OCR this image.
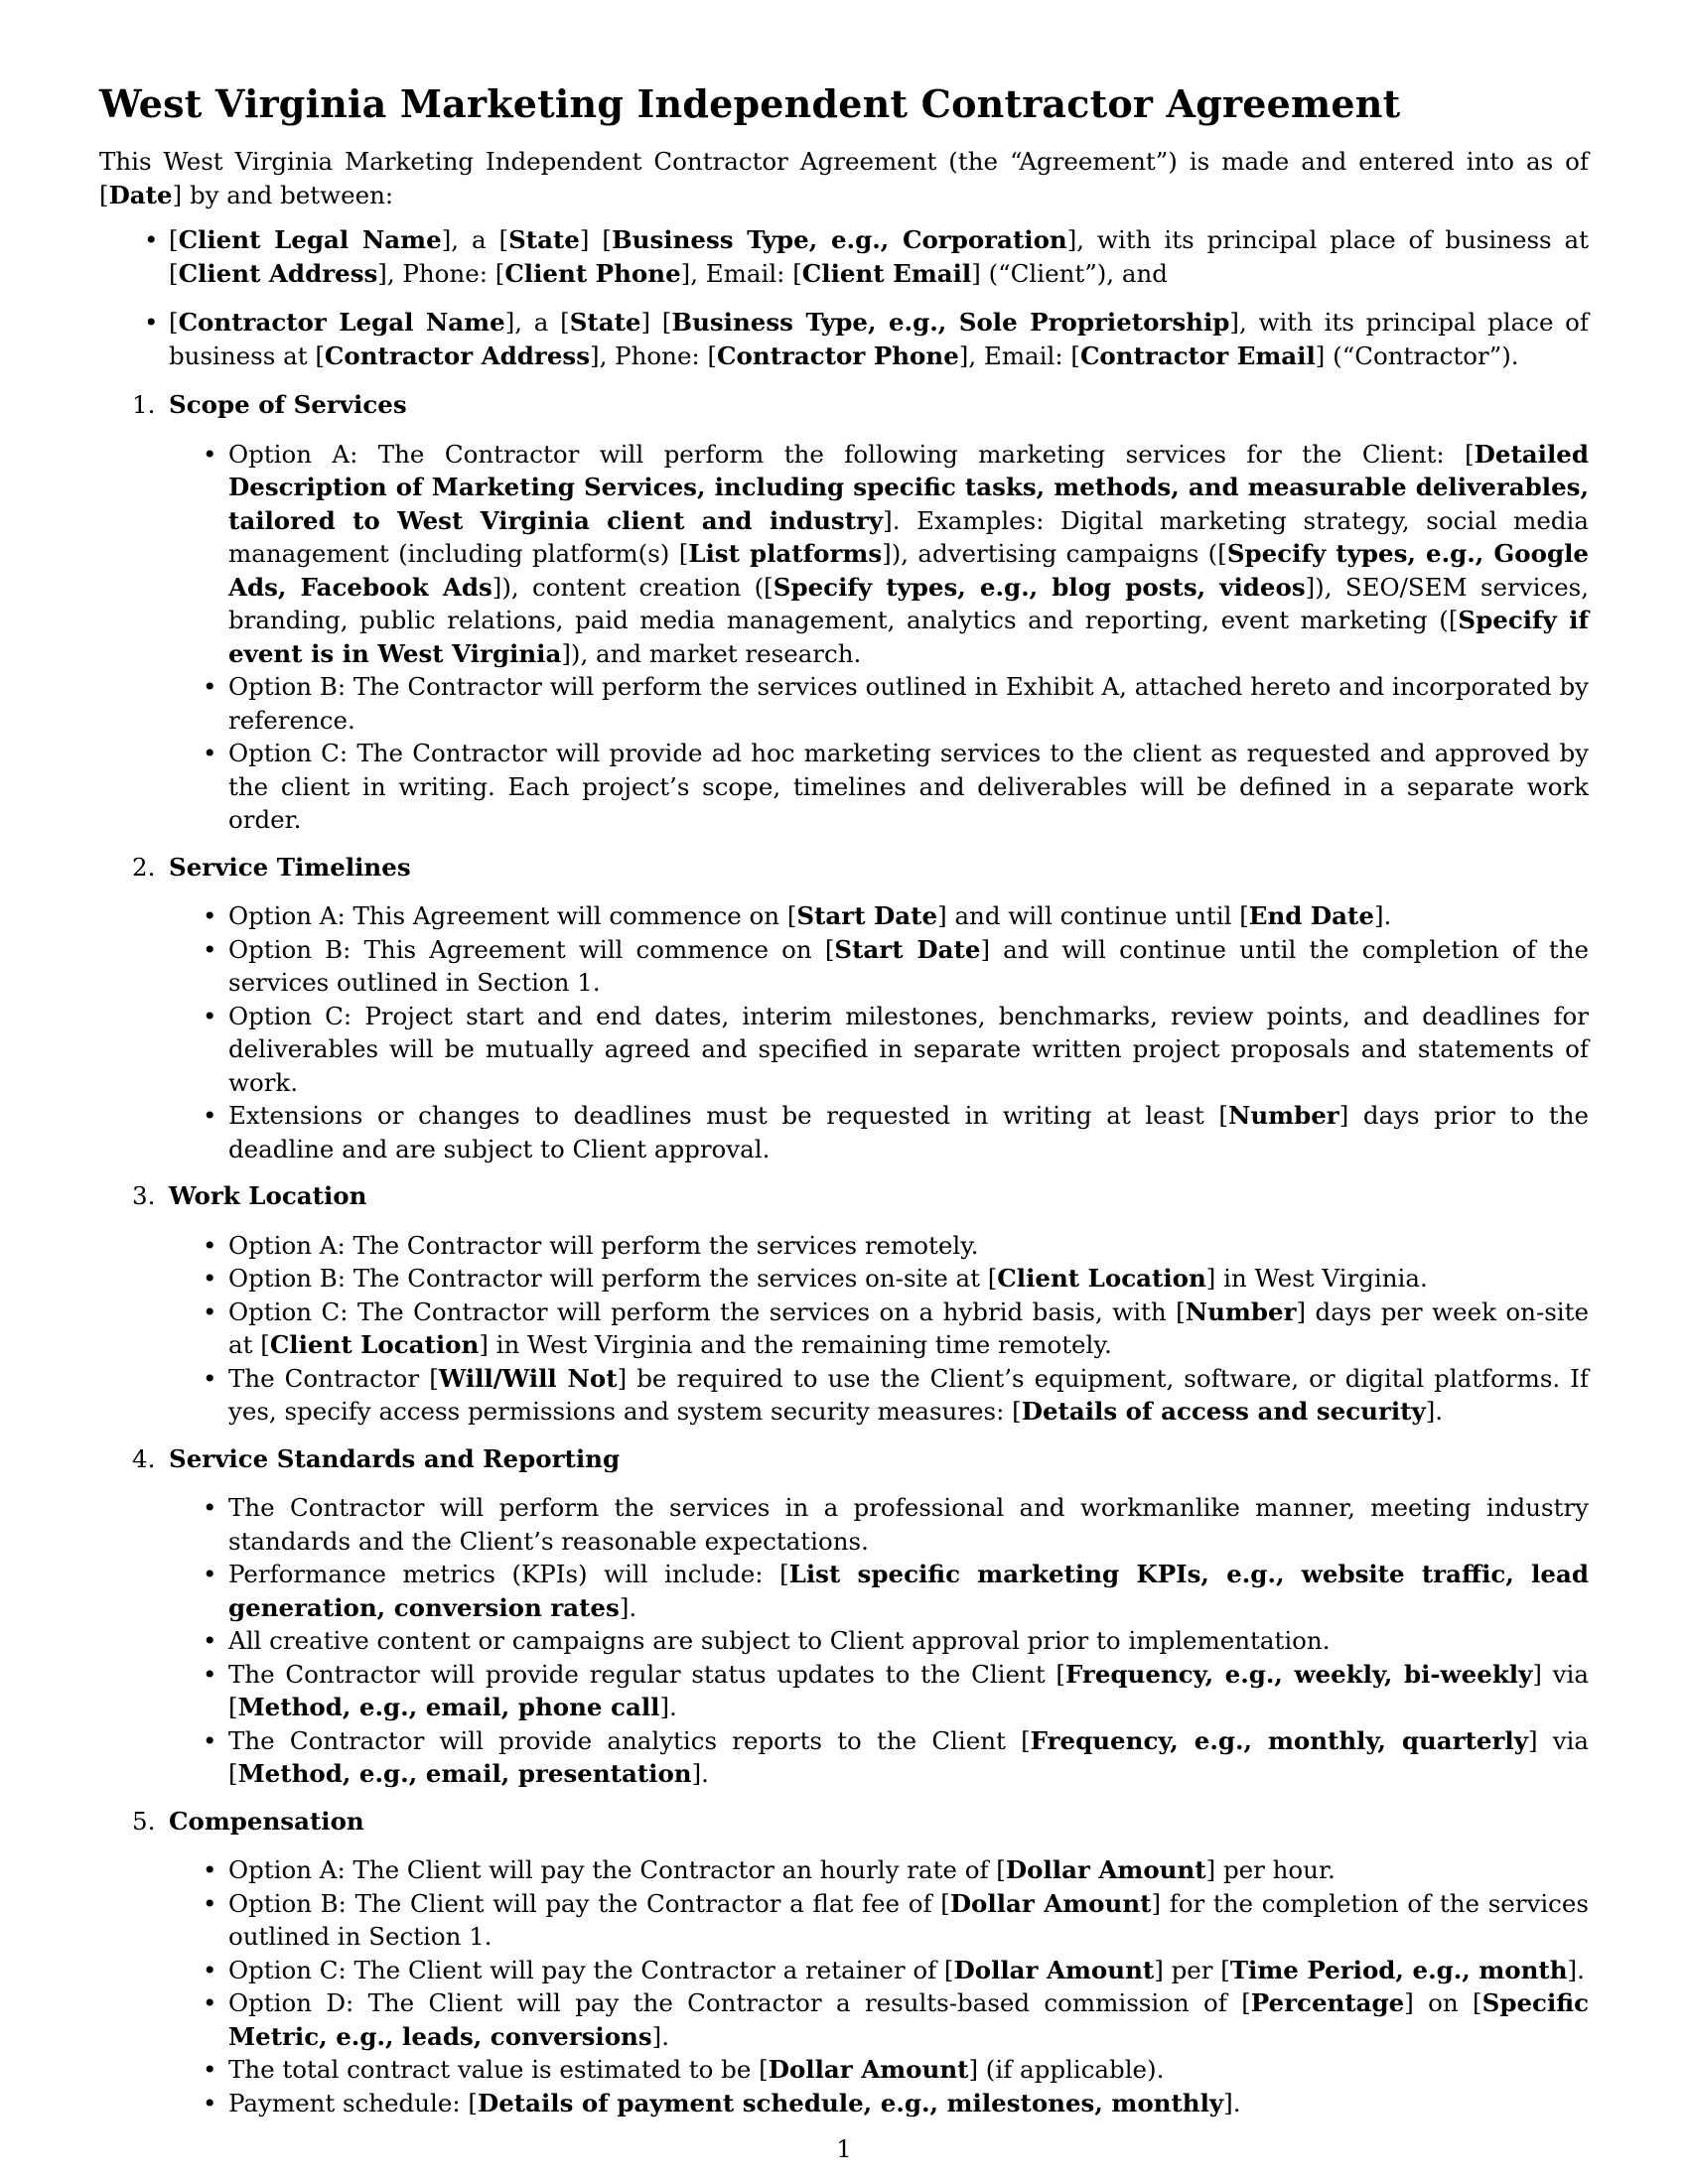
West Virginia Marketing Independent Contractor Agreement

This West Virginia Marketing Independent Contractor Agreement (the “Agreement”) is made and entered into as of [Date] by and between:

• [Client Legal Name], a [State] [Business Type, e.g., Corporation], with its principal place of business at [Client Address], Phone: [Client Phone], Email: [Client Email] (“Client”), and
• [Contractor Legal Name], a [State] [Business Type, e.g., Sole Proprietorship], with its principal place of business at [Contractor Address], Phone: [Contractor Phone], Email: [Contractor Email] (“Contractor”).
1. Scope of Services
• Option A: The Contractor will perform the following marketing services for the Client: [Detailed Description of Marketing Services, including specific tasks, methods, and measurable deliverables, tailored to West Virginia client and industry]. Examples: Digital marketing strategy, social media management (including platform(s) [List platforms]), advertising campaigns ([Specify types, e.g., Google Ads, Facebook Ads]), content creation ([Specify types, e.g., blog posts, videos]), SEO/SEM services, branding, public relations, paid media management, analytics and reporting, event marketing ([Specify if event is in West Virginia]), and market research.
• Option B: The Contractor will perform the services outlined in Exhibit A, attached hereto and incorporated by reference.
• Option C: The Contractor will provide ad hoc marketing services to the client as requested and approved by the client in writing. Each project’s scope, timelines and deliverables will be defined in a separate work order.
2. Service Timelines
• Option A: This Agreement will commence on [Start Date] and will continue until [End Date].
• Option B: This Agreement will commence on [Start Date] and will continue until the completion of the services outlined in Section 1.
• Option C: Project start and end dates, interim milestones, benchmarks, review points, and deadlines for deliverables will be mutually agreed and specified in separate written project proposals and statements of work.
• Extensions or changes to deadlines must be requested in writing at least [Number] days prior to the deadline and are subject to Client approval.
3. Work Location
• Option A: The Contractor will perform the services remotely.
• Option B: The Contractor will perform the services on-site at [Client Location] in West Virginia.
• Option C: The Contractor will perform the services on a hybrid basis, with [Number] days per week on-site at [Client Location] in West Virginia and the remaining time remotely.
• The Contractor [Will/Will Not] be required to use the Client’s equipment, software, or digital platforms. If yes, specify access permissions and system security measures: [Details of access and security].
4. Service Standards and Reporting
• The Contractor will perform the services in a professional and workmanlike manner, meeting industry standards and the Client’s reasonable expectations.
• Performance metrics (KPIs) will include: [List specific marketing KPIs, e.g., website traffic, lead generation, conversion rates].
• All creative content or campaigns are subject to Client approval prior to implementation.
• The Contractor will provide regular status updates to the Client [Frequency, e.g., weekly, bi-weekly] via [Method, e.g., email, phone call].
• The Contractor will provide analytics reports to the Client [Frequency, e.g., monthly, quarterly] via [Method, e.g., email, presentation].
5. Compensation
• Option A: The Client will pay the Contractor an hourly rate of [Dollar Amount] per hour.
• Option B: The Client will pay the Contractor a flat fee of [Dollar Amount] for the completion of the services outlined in Section 1.
• Option C: The Client will pay the Contractor a retainer of [Dollar Amount] per [Time Period, e.g., month].
• Option D: The Client will pay the Contractor a results-based commission of [Percentage] on [Specific Metric, e.g., leads, conversions].
• The total contract value is estimated to be [Dollar Amount] (if applicable).
• Payment schedule: [Details of payment schedule, e.g., milestones, monthly].
1
